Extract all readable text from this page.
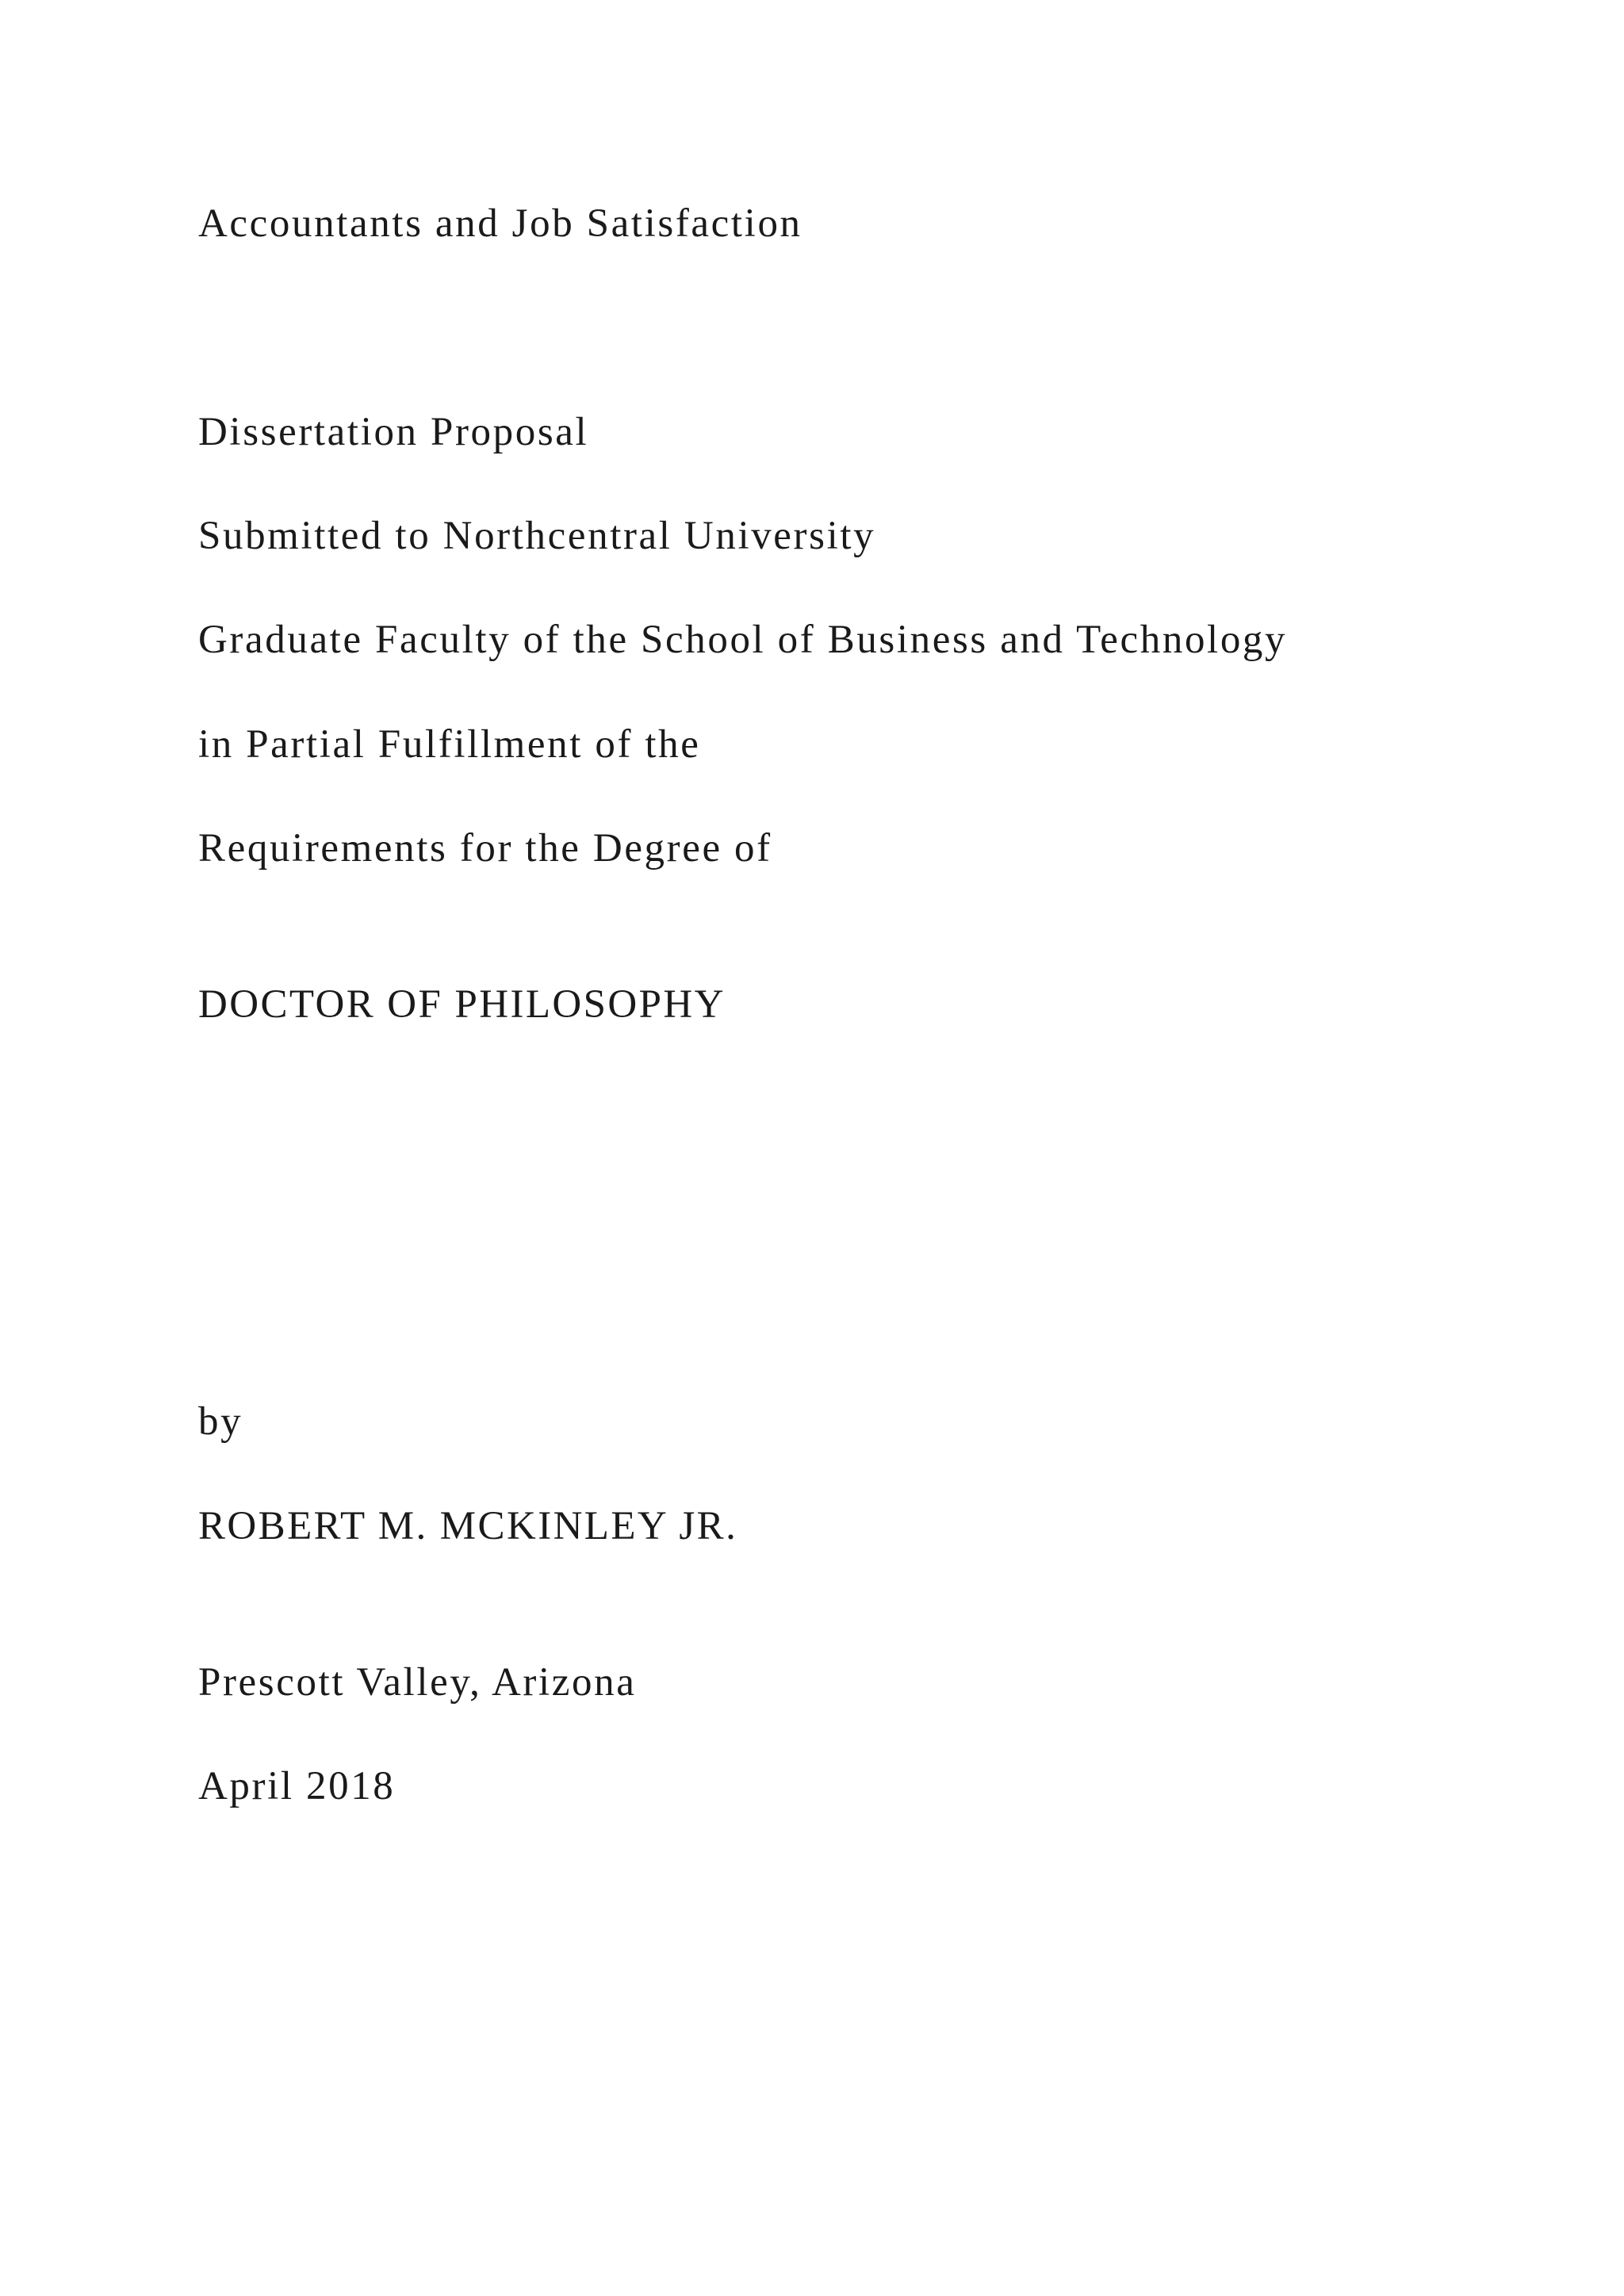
Accountants and Job Satisfaction

Dissertation Proposal

Submitted to Northcentral University

Graduate Faculty of the School of Business and Technology

in Partial Fulfillment of the

Requirements for the Degree of

DOCTOR OF PHILOSOPHY

by

ROBERT M. MCKINLEY JR.

Prescott Valley, Arizona

April 2018
